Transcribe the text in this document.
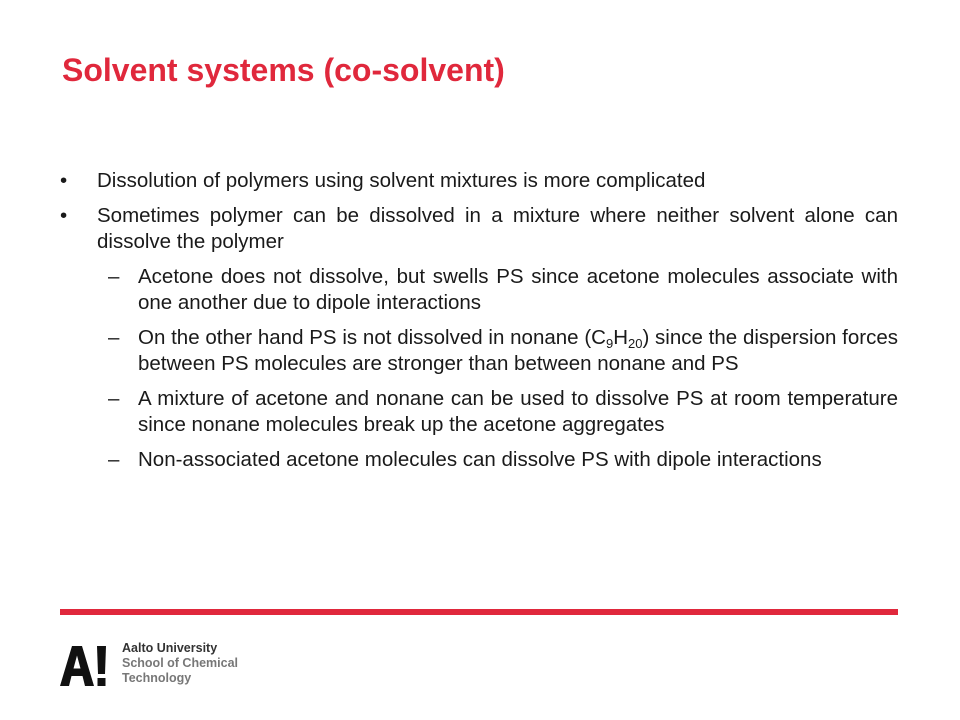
Solvent systems (co-solvent)
•	Dissolution of polymers using solvent mixtures is more complicated
•	Sometimes polymer can be dissolved in a mixture where neither solvent alone can dissolve the polymer
– Acetone does not dissolve, but swells PS since acetone molecules associate with one another due to dipole interactions
– On the other hand PS is not dissolved in nonane $(C_9H_{20})$ since the dispersion forces between PS molecules are stronger than between nonane and PS
– A mixture of acetone and nonane can be used to dissolve PS at room temperature since nonane molecules break up the acetone aggregates
– Non-associated acetone molecules can dissolve PS with dipole interactions
Aalto University
School of Chemical
Technology
